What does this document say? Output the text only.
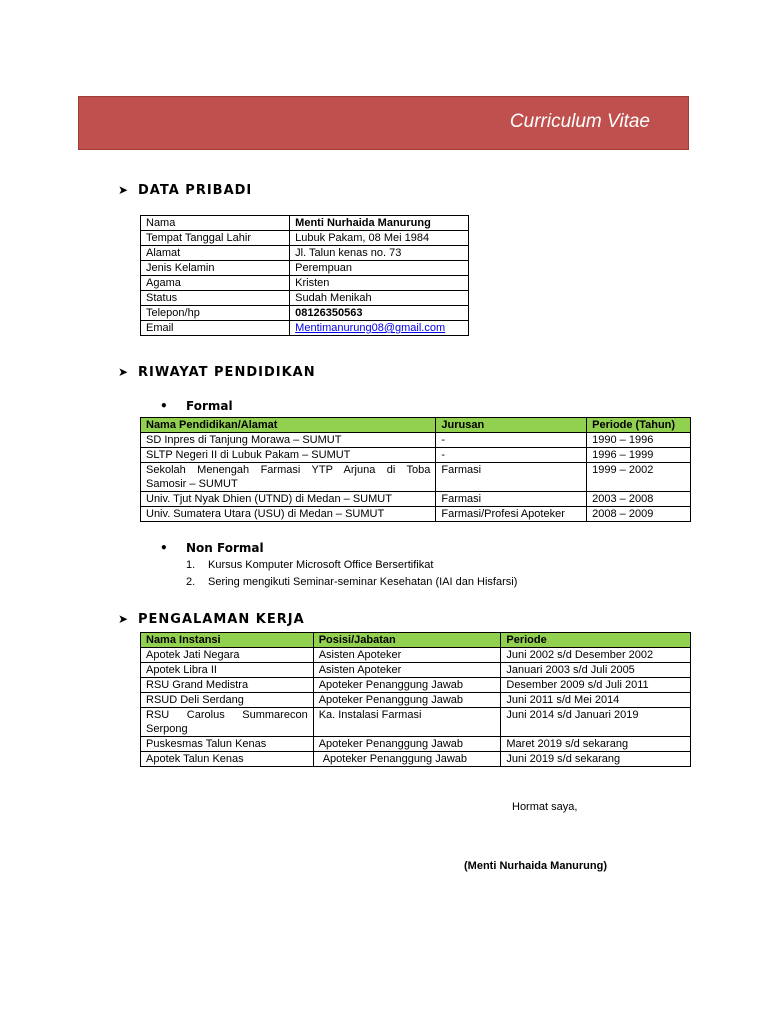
Curriculum Vitae
➤ DATA PRIBADI
Nama	Menti Nurhaida Manurung
Tempat Tanggal Lahir	Lubuk Pakam, 08 Mei 1984
Alamat	Jl. Talun kenas no. 73
Jenis Kelamin	Perempuan
Agama	Kristen
Status	Sudah Menikah
Telepon/hp	08126350563
Email	Mentimanurung08@gmail.com
➤ RIWAYAT PENDIDIKAN
• Formal
Nama Pendidikan/Alamat	Jurusan	Periode (Tahun)
SD Inpres di Tanjung Morawa – SUMUT	-	1990 – 1996
SLTP Negeri II di Lubuk Pakam – SUMUT	-	1996 – 1999

Sekolah Menengah Farmasi YTP Arjuna di Toba
Samosir – SUMUT	Farmasi	1999 – 2002
Univ. Tjut Nyak Dhien (UTND) di Medan – SUMUT	Farmasi	2003 – 2008
Univ. Sumatera Utara (USU) di Medan – SUMUT	Farmasi/Profesi Apoteker	2008 – 2009
• Non Formal
1. Kursus Komputer Microsoft Office Bersertifikat
2. Sering mengikuti Seminar-seminar Kesehatan (IAI dan Hisfarsi)
➤ PENGALAMAN KERJA
Nama Instansi	Posisi/Jabatan	Periode
Apotek Jati Negara	Asisten Apoteker	Juni 2002 s/d Desember 2002
Apotek Libra II	Asisten Apoteker	Januari 2003 s/d Juli 2005
RSU Grand Medistra	Apoteker Penanggung Jawab	Desember 2009 s/d Juli 2011
RSUD Deli Serdang	Apoteker Penanggung Jawab	Juni 2011 s/d Mei 2014

RSU Carolus Summarecon
Serpong	Ka. Instalasi Farmasi	Juni 2014 s/d Januari 2019
Puskesmas Talun Kenas	Apoteker Penanggung Jawab	Maret 2019 s/d sekarang
Apotek Talun Kenas	Apoteker Penanggung Jawab	Juni 2019 s/d sekarang
Hormat saya,
(Menti Nurhaida Manurung)
